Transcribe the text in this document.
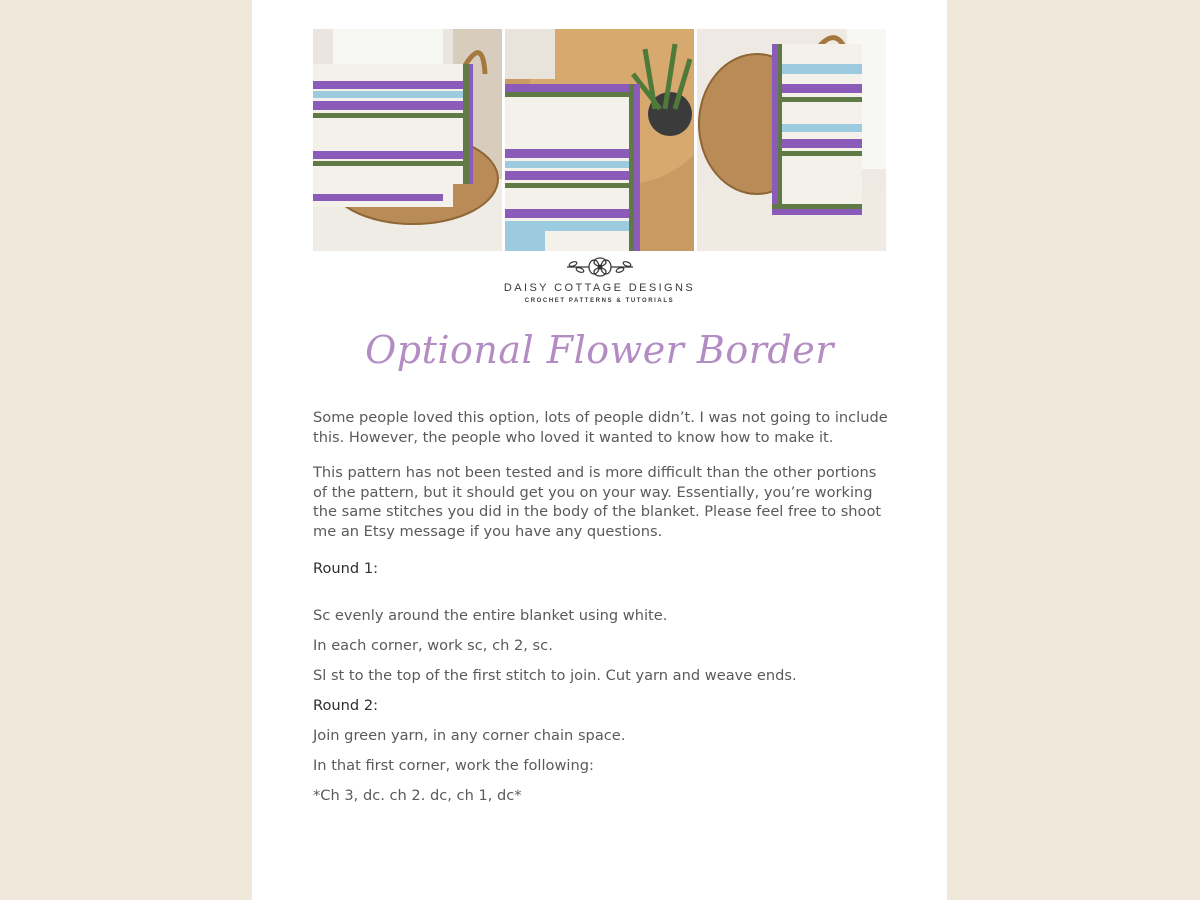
DAISY COTTAGE DESIGNS
CROCHET PATTERNS & TUTORIALS
Optional Flower Border

Some people loved this option, lots of people didn’t. I was not going to include this. However, the people who loved it wanted to know how to make it.

This pattern has not been tested and is more difficult than the other portions of the pattern, but it should get you on your way. Essentially, you’re working the same stitches you did in the body of the blanket. Please feel free to shoot me an Etsy message if you have any questions.

Round 1:
Sc evenly around the entire blanket using white.
In each corner, work sc, ch 2, sc.
Sl st to the top of the first stitch to join. Cut yarn and weave ends.
Round 2:
Join green yarn, in any corner chain space.
In that first corner, work the following:
*Ch 3, dc. ch 2. dc, ch 1, dc*
